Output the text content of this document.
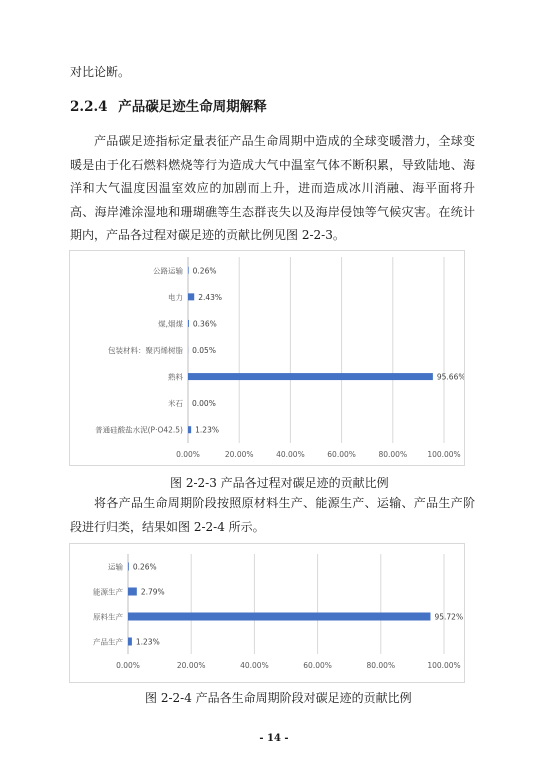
对比论断。
2.2.4 产品碳足迹生命周期解释
产品碳足迹指标定量表征产品生命周期中造成的全球变暖潜力，全球变暖是由于化石燃料燃烧等行为造成大气中温室气体不断积累，导致陆地、海洋和大气温度因温室效应的加剧而上升，进而造成冰川消融、海平面将升高、海岸滩涂湿地和珊瑚礁等生态群丧失以及海岸侵蚀等气候灾害。在统计期内，产品各过程对碳足迹的贡献比例见图 2-2-3。
0.00%	20.00%	40.00%	60.00%	80.00%	100.00%
公路运输 0.26%
电力 2.43%
煤,烟煤 0.36%
包装材料：聚丙烯树脂 0.05%
熟料	95.66%
米石 0.00%
普通硅酸盐水泥(P·O42.5) 1.23%
图 2-2-3 产品各过程对碳足迹的贡献比例
将各产品生命周期阶段按照原材料生产、能源生产、运输、产品生产阶段进行归类，结果如图 2-2-4 所示。
0.00%	20.00%	40.00%	60.00%	80.00%	100.00%
运输 0.26%
能源生产 2.79%
原料生产	95.72%
产品生产 1.23%
图 2-2-4 产品各生命周期阶段对碳足迹的贡献比例
- 14 -
